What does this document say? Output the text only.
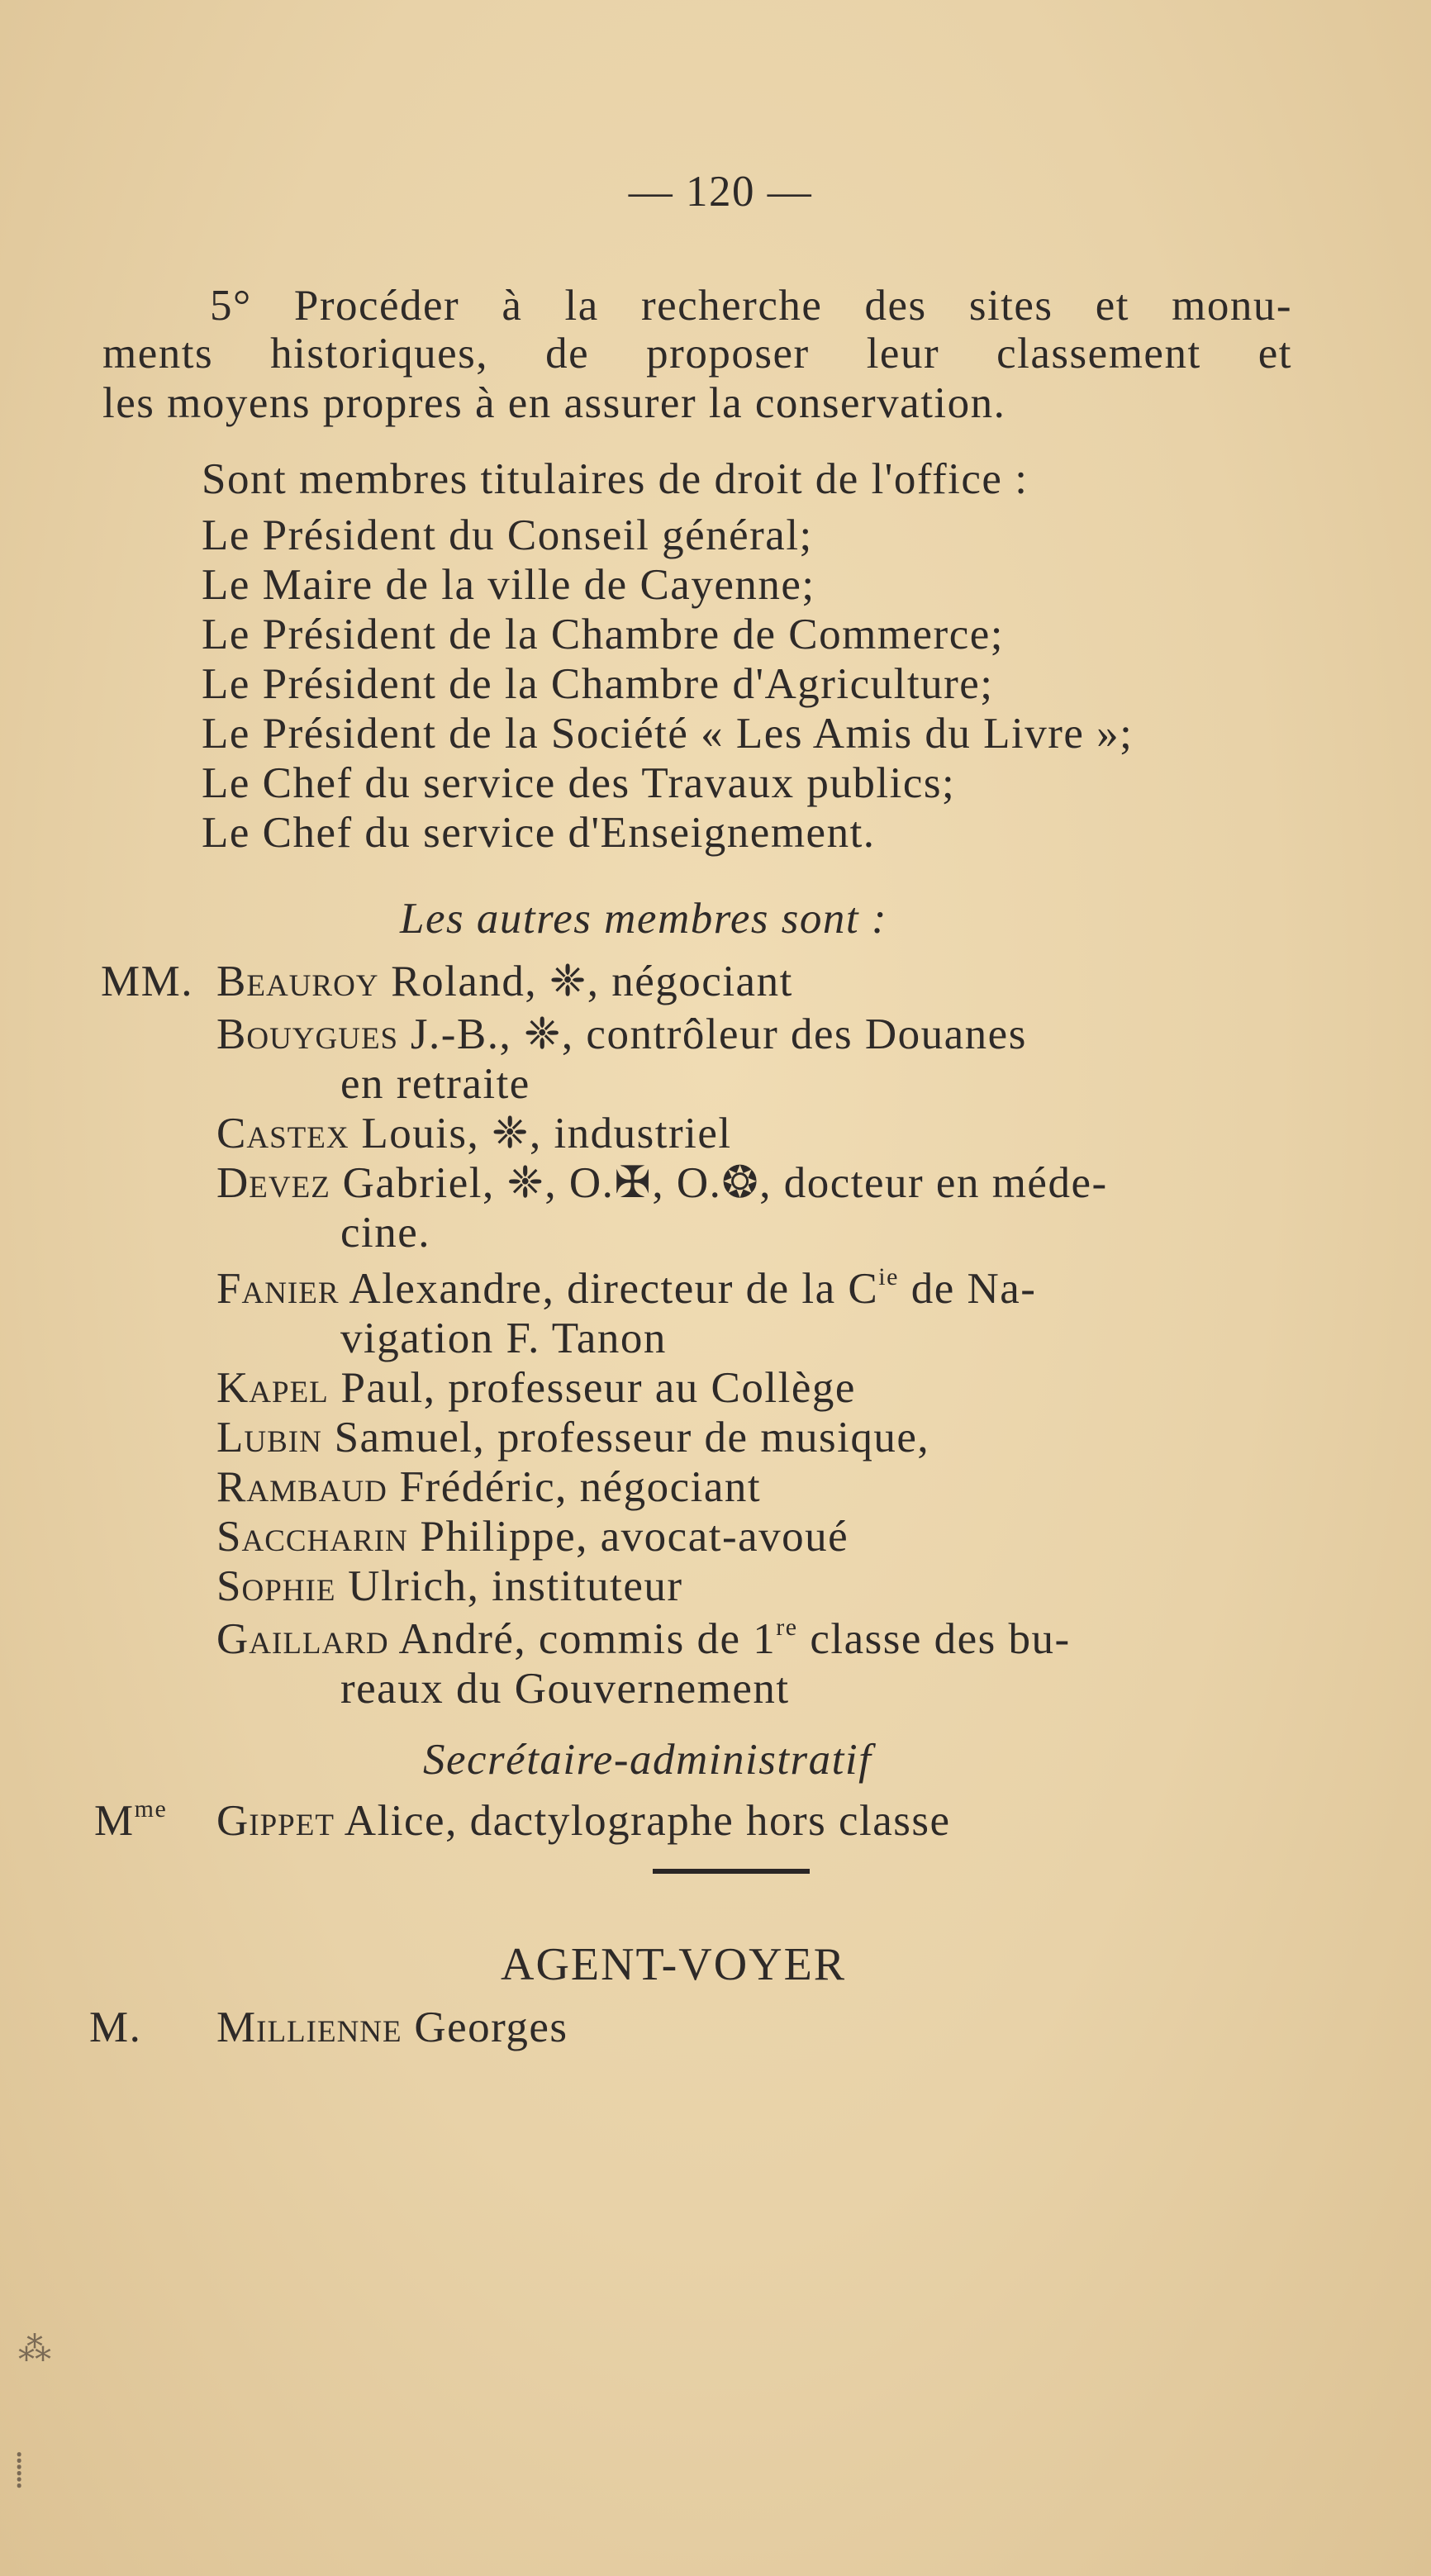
— 120 —
5° Procéder à la recherche des sites et monu-
ments historiques, de proposer leur classement et
les moyens propres à en assurer la conservation.
Sont membres titulaires de droit de l'office :
Le Président du Conseil général;
Le Maire de la ville de Cayenne;
Le Président de la Chambre de Commerce;
Le Président de la Chambre d'Agriculture;
Le Président de la Société « Les Amis du Livre »;
Le Chef du service des Travaux publics;
Le Chef du service d'Enseignement.
Les autres membres sont :
MM. Beauroy Roland, ❈, négociant
Bouygues J.-B., ❈, contrôleur des Douanes
en retraite
Castex Louis, ❈, industriel
Devez Gabriel, ❈, O.✠, O.❂, docteur en méde-
cine.
Fanier Alexandre, directeur de la $C^{ie}$ de Na-
vigation F. Tanon
Kapel Paul, professeur au Collège
Lubin Samuel, professeur de musique,
Rambaud Frédéric, négociant
Saccharin Philippe, avocat-avoué
Sophie Ulrich, instituteur
Gaillard André, commis de 1re classe des bu-
reaux du Gouvernement
Secrétaire-administratif
$M^{me}$ Gippet Alice, dactylographe hors classe
AGENT-VOYER
M. Millienne Georges
⁂
⸽
